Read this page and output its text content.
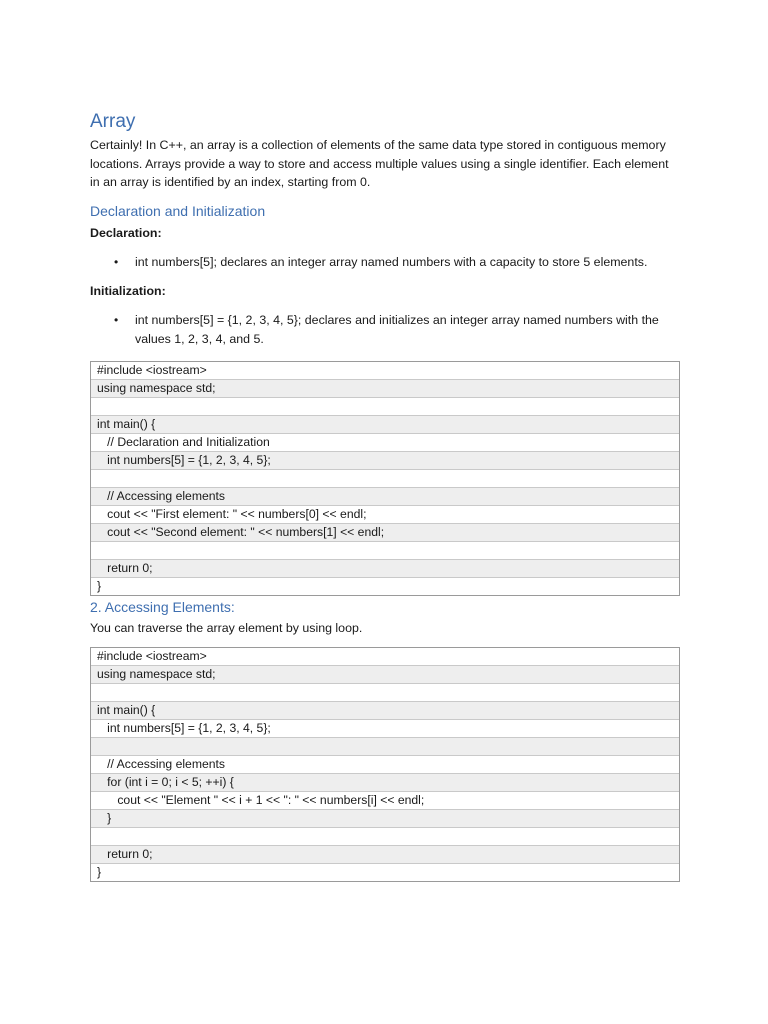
Array

Certainly! In C++, an array is a collection of elements of the same data type stored in contiguous memory locations. Arrays provide a way to store and access multiple values using a single identifier. Each element in an array is identified by an index, starting from 0.

Declaration and Initialization
Declaration:
• int numbers[5]; declares an integer array named numbers with a capacity to store 5 elements.
Initialization:
• int numbers[5] = {1, 2, 3, 4, 5}; declares and initializes an integer array named numbers with the values 1, 2, 3, 4, and 5.
#include <iostream>
using namespace std;
int main() {
// Declaration and Initialization
int numbers[5] = {1, 2, 3, 4, 5};
// Accessing elements
cout << "First element: " << numbers[0] << endl;
cout << "Second element: " << numbers[1] << endl;
return 0;
}
2. Accessing Elements:

You can traverse the array element by using loop.

#include <iostream>
using namespace std;
int main() {
int numbers[5] = {1, 2, 3, 4, 5};
// Accessing elements
for (int i = 0; i < 5; ++i) {
cout << "Element " << i + 1 << ": " << numbers[i] << endl;
}
return 0;
}
